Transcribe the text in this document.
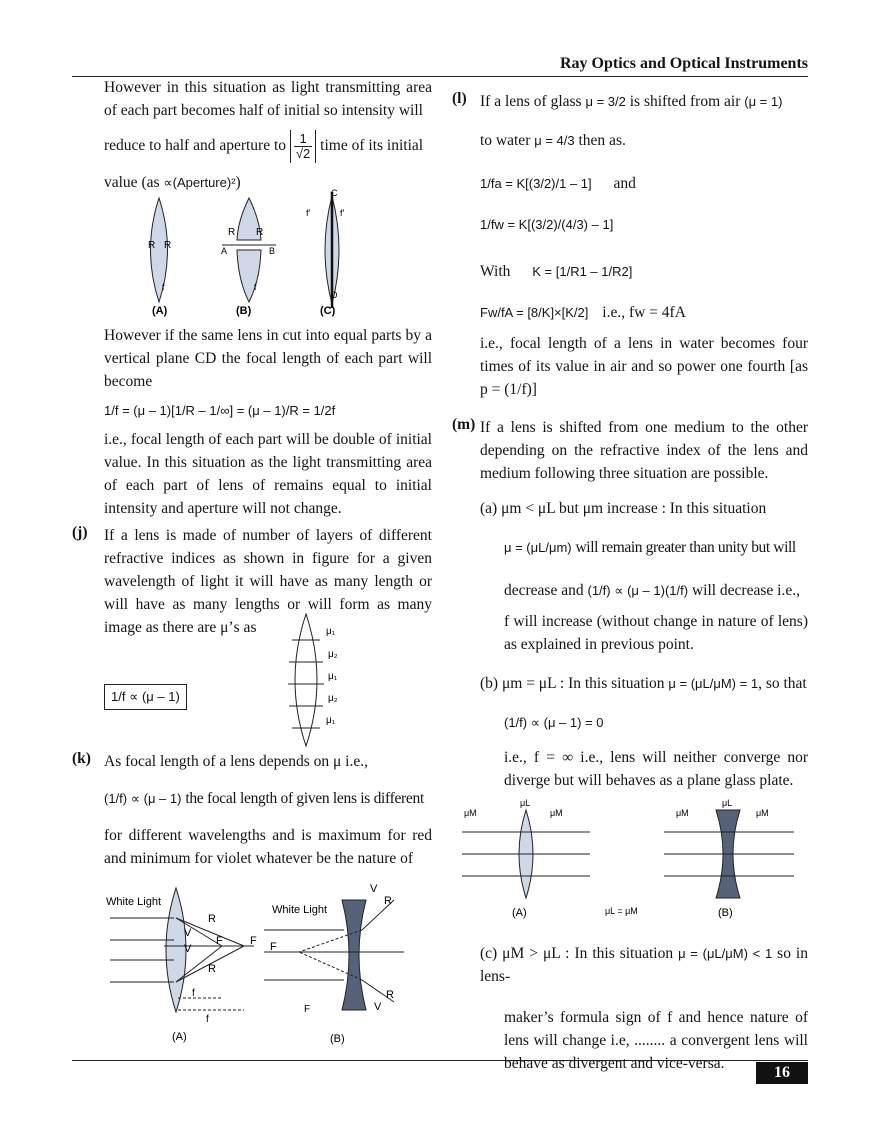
Ray Optics and Optical Instruments

However in this situation as light transmitting area of each part becomes half of initial so intensity will

reduce to half and aperture to $\frac{1}{√2}$ time of its initial

value (as ∝(Aperture)²)

R R
f
R R
A	B
f
C
D
f'	f'
(A)	(B)	(C)

However if the same lens in cut into equal parts by a vertical plane CD the focal length of each part will become

1/f = (μ – 1)[1/R – 1/∞] = (μ – 1)/R = 1/2f

i.e., focal length of each part will be double of initial value. In this situation as the light transmitting area of each part of lens of remains equal to initial intensity and aperture will not change.

(j) If a lens is made of number of layers of different refractive indices as shown in figure for a given wavelength of light it will have as many length or will have as many lengths or will form as many image as there are μ’s as	μ₁
μ₂
μ₁
μ₂
μ₁
1/f ∝ (μ – 1)
(k) As focal length of a lens depends on μ i.e.,

(1/f) ∝ (μ – 1) the focal length of given lens is different

for different wavelengths and is maximum for red and minimum for violet whatever be the nature of

White Light
R
V
V
F F
R
f
f
(A)
White Light
V
R
F
R
V
F
(B)
(l) If a lens of glass μ = 3/2 is shifted from air (μ = 1)

to water μ = 4/3 then as.

1/fa = K[(3/2)/1 – 1] and

1/fw = K[(3/2)/(4/3) – 1]

With K = [1/R1 – 1/R2]

Fw/fA = [8/K]×[K/2] i.e., fw = 4fA

i.e., focal length of a lens in water becomes four times of its value in air and so power one fourth [as p = (1/f)]

(m) If a lens is shifted from one medium to the other depending on the refractive index of the lens and medium following three situation are possible.

(a) μm < μL but μm increase : In this situation

μ = (μL/μm) will remain greater than unity but will

decrease and (1/f) ∝ (μ – 1)(1/f) will decrease i.e.,

f will increase (without change in nature of lens) as explained in previous point.

(b) μm = μL : In this situation μ = (μL/μM) = 1, so that

(1/f) ∝ (μ – 1) = 0

i.e., f = ∞ i.e., lens will neither converge nor diverge but will behaves as a plane glass plate.

μM
μL
μM	μM
μL
μM
(A)	μL = μM	(B)

(c) μM > μL : In this situation μ = (μL/μM) < 1 so in lens-

maker’s formula sign of f and hence nature of lens will change i.e, ........ a convergent lens will behave as divergent and vice-versa.

16
